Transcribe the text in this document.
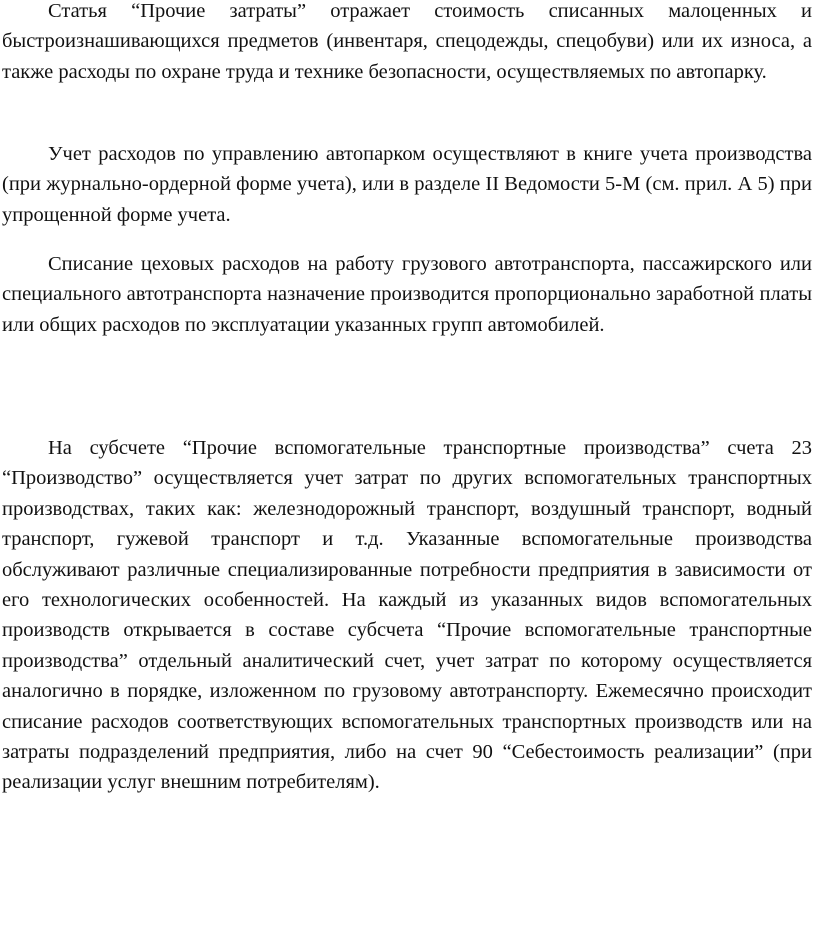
Статья “Прочие затраты” отражает стоимость списанных малоценных и быстроизнашивающихся предметов (инвентаря, спецодежды, спецобуви) или их износа, а также расходы по охране труда и технике безопасности, осуществляемых по автопарку.

Учет расходов по управлению автопарком осуществляют в книге учета производства (при журнально-ордерной форме учета), или в разделе II Ведомости 5-М (см. прил. А 5) при упрощенной форме учета.

Списание цеховых расходов на работу грузового автотранспорта, пассажирского или специального автотранспорта назначение производится пропорционально заработной платы или общих расходов по эксплуатации указанных групп автомобилей.

На субсчете “Прочие вспомогательные транспортные производства” счета 23 “Производство” осуществляется учет затрат по других вспомогательных транспортных производствах, таких как: железнодорожный транспорт, воздушный транспорт, водный транспорт, гужевой транспорт и т.д. Указанные вспомогательные производства обслуживают различные специализированные потребности предприятия в зависимости от его технологических особенностей. На каждый из указанных видов вспомогательных производств открывается в составе субсчета “Прочие вспомогательные транспортные производства” отдельный аналитический счет, учет затрат по которому осуществляется аналогично в порядке, изложенном по грузовому автотранспорту. Ежемесячно происходит списание расходов соответствующих вспомогательных транспортных производств или на затраты подразделений предприятия, либо на счет 90 “Себестоимость реализации” (при реализации услуг внешним потребителям).
